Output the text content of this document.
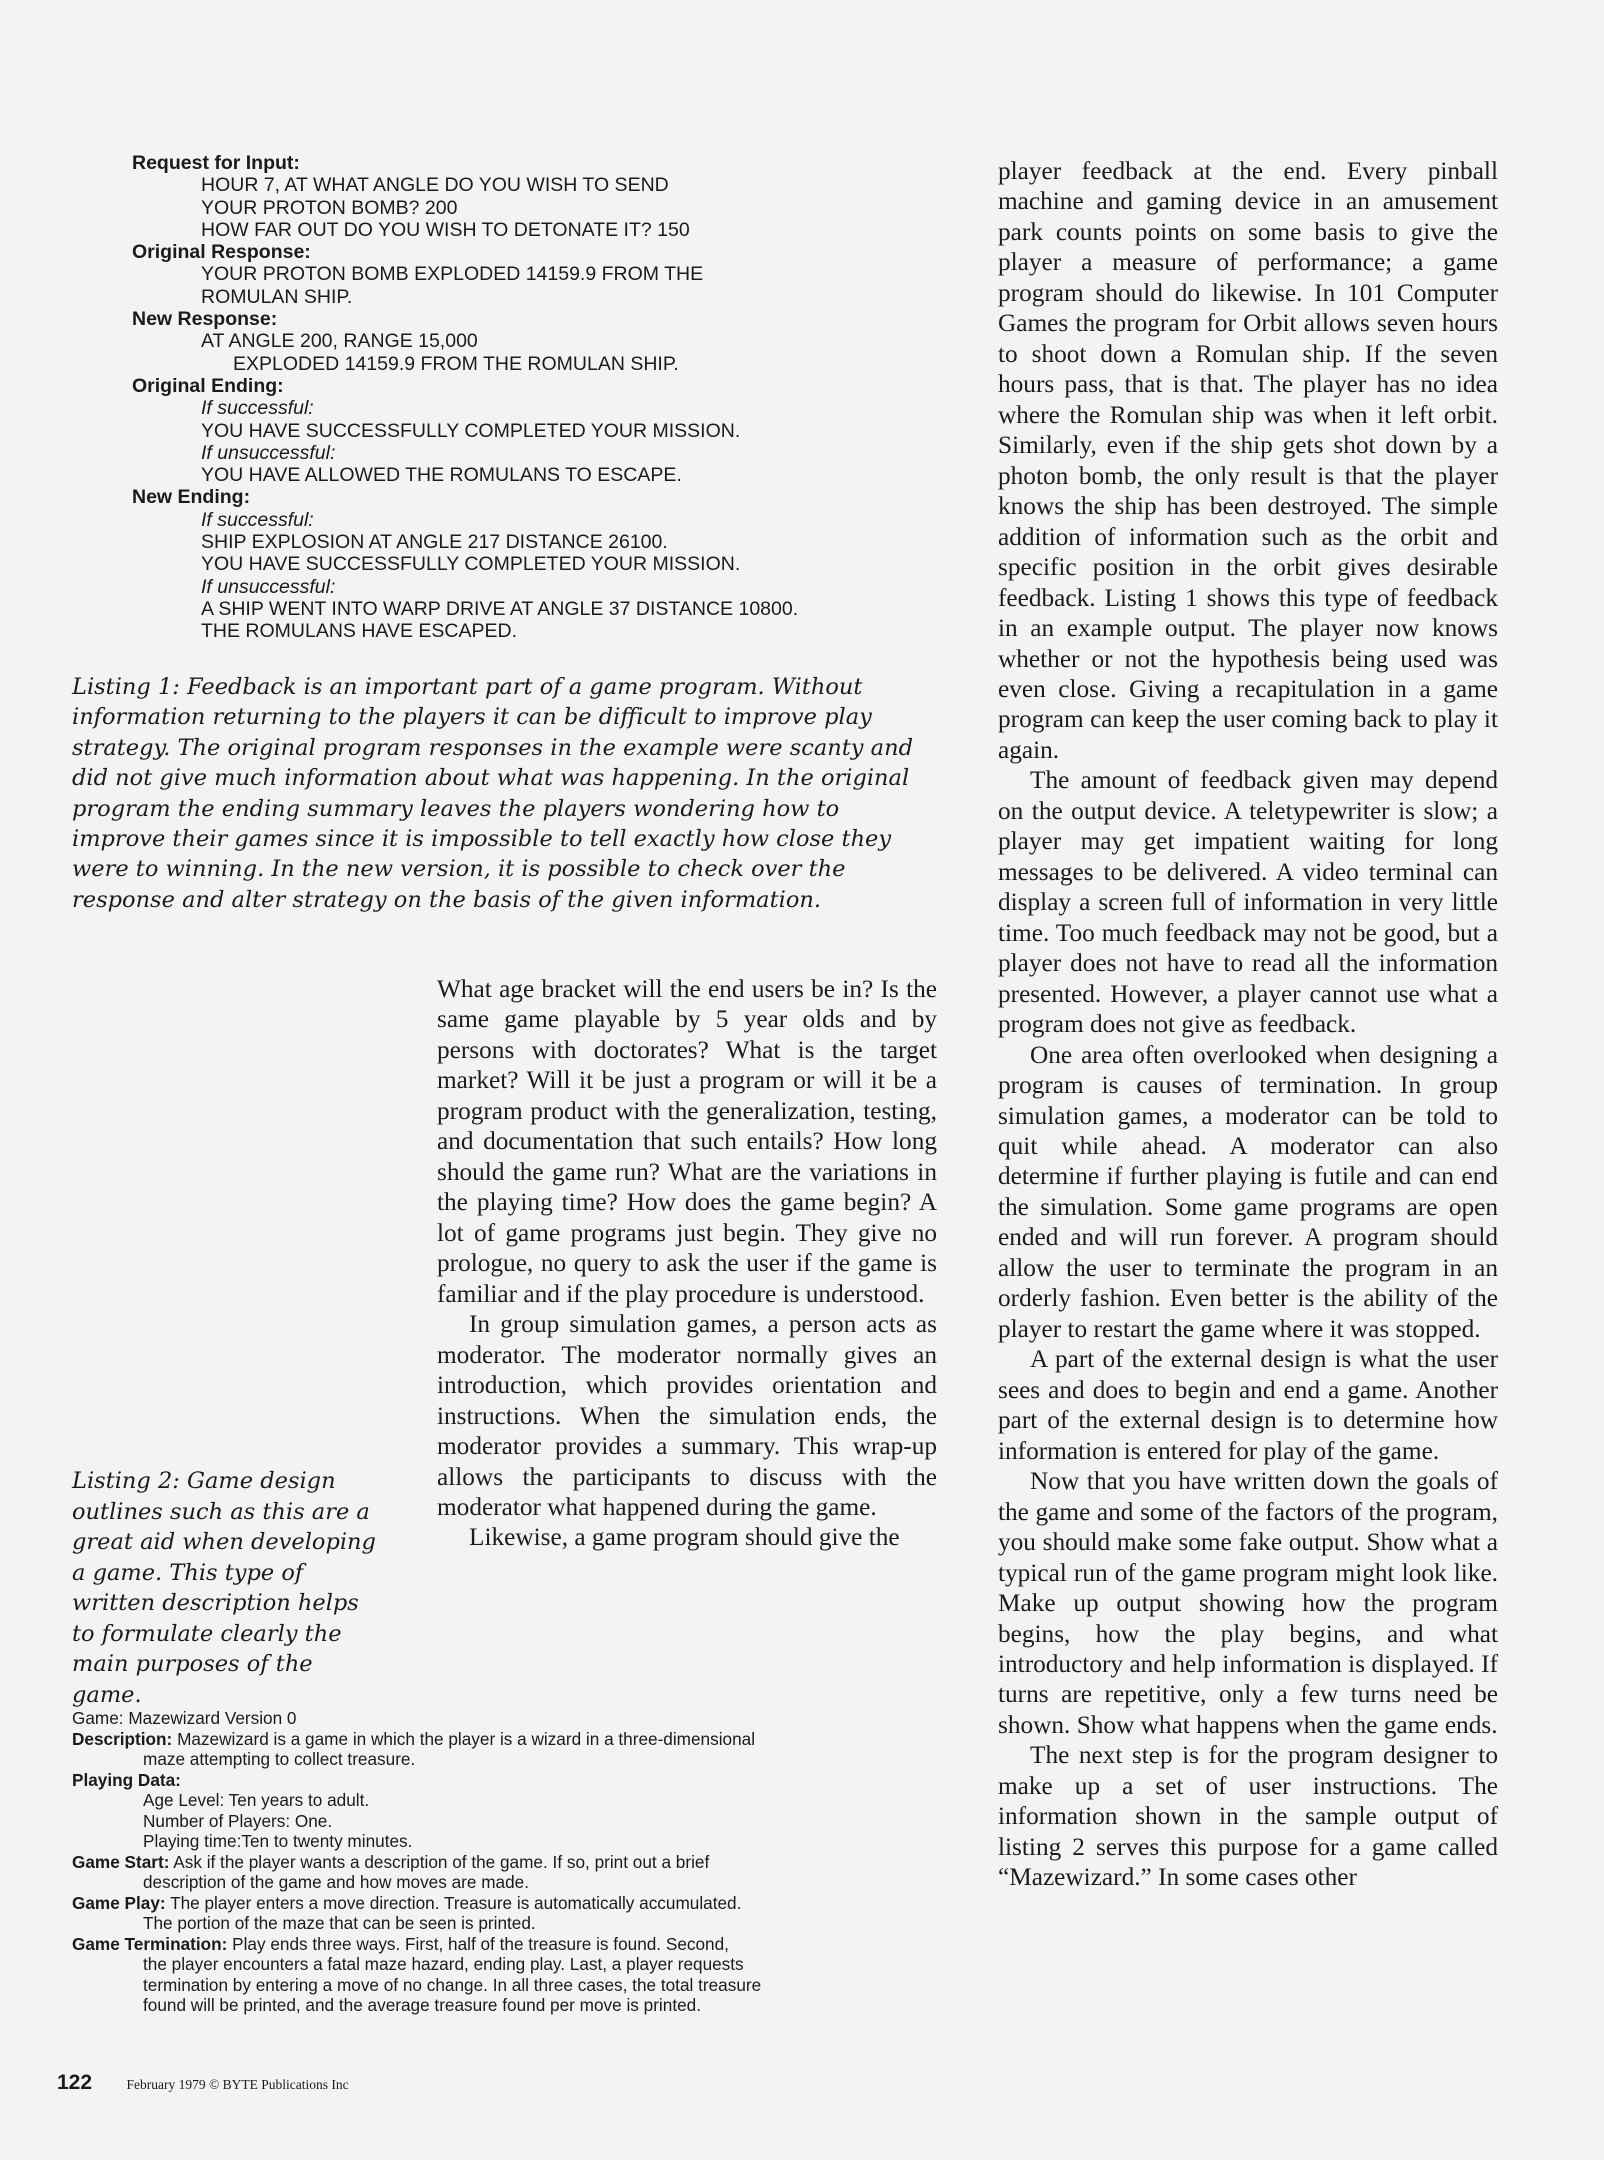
Request for Input:
HOUR 7, AT WHAT ANGLE DO YOU WISH TO SEND
YOUR PROTON BOMB? 200
HOW FAR OUT DO YOU WISH TO DETONATE IT? 150
Original Response:
YOUR PROTON BOMB EXPLODED 14159.9 FROM THE
ROMULAN SHIP.
New Response:
AT ANGLE 200, RANGE 15,000
EXPLODED 14159.9 FROM THE ROMULAN SHIP.
Original Ending:
If successful:
YOU HAVE SUCCESSFULLY COMPLETED YOUR MISSION.
If unsuccessful:
YOU HAVE ALLOWED THE ROMULANS TO ESCAPE.
New Ending:
If successful:
SHIP EXPLOSION AT ANGLE 217 DISTANCE 26100.
YOU HAVE SUCCESSFULLY COMPLETED YOUR MISSION.
If unsuccessful:
A SHIP WENT INTO WARP DRIVE AT ANGLE 37 DISTANCE 10800.
THE ROMULANS HAVE ESCAPED.

Listing 1: Feedback is an important part of a game program. Without information returning to the players it can be difficult to improve play strategy. The original program responses in the example were scanty and did not give much information about what was happening. In the original program the ending summary leaves the players wondering how to improve their games since it is impossible to tell exactly how close they were to winning. In the new version, it is possible to check over the response and alter strategy on the basis of the given information.

Listing 2: Game design outlines such as this are a great aid when developing a game. This type of written description helps to formulate clearly the main purposes of the game.

What age bracket will the end users be in? Is the same game playable by 5 year olds and by persons with doctorates? What is the target market? Will it be just a program or will it be a program product with the generalization, testing, and documentation that such entails? How long should the game run? What are the variations in the playing time? How does the game begin? A lot of game programs just begin. They give no prologue, no query to ask the user if the game is familiar and if the play procedure is understood.

In group simulation games, a person acts as moderator. The moderator normally gives an introduction, which provides orientation and instructions. When the simulation ends, the moderator provides a summary. This wrap-up allows the participants to discuss with the moderator what happened during the game.

Likewise, a game program should give the

player feedback at the end. Every pinball machine and gaming device in an amusement park counts points on some basis to give the player a measure of performance; a game program should do likewise. In 101 Computer Games the program for Orbit allows seven hours to shoot down a Romulan ship. If the seven hours pass, that is that. The player has no idea where the Romulan ship was when it left orbit. Similarly, even if the ship gets shot down by a photon bomb, the only result is that the player knows the ship has been destroyed. The simple addition of information such as the orbit and specific position in the orbit gives desirable feedback. Listing 1 shows this type of feedback in an example output. The player now knows whether or not the hypothesis being used was even close. Giving a recapitulation in a game program can keep the user coming back to play it again.

The amount of feedback given may depend on the output device. A teletypewriter is slow; a player may get impatient waiting for long messages to be delivered. A video terminal can display a screen full of information in very little time. Too much feedback may not be good, but a player does not have to read all the information presented. However, a player cannot use what a program does not give as feedback.

One area often overlooked when designing a program is causes of termination. In group simulation games, a moderator can be told to quit while ahead. A moderator can also determine if further playing is futile and can end the simulation. Some game programs are open ended and will run forever. A program should allow the user to terminate the program in an orderly fashion. Even better is the ability of the player to restart the game where it was stopped.

A part of the external design is what the user sees and does to begin and end a game. Another part of the external design is to determine how information is entered for play of the game.

Now that you have written down the goals of the game and some of the factors of the program, you should make some fake output. Show what a typical run of the game program might look like. Make up output showing how the program begins, how the play begins, and what introductory and help information is displayed. If turns are repetitive, only a few turns need be shown. Show what happens when the game ends.

The next step is for the program designer to make up a set of user instructions. The information shown in the sample output of listing 2 serves this purpose for a game called “Mazewizard.” In some cases other

Game: Mazewizard Version 0
Description: Mazewizard is a game in which the player is a wizard in a three-dimensional
maze attempting to collect treasure.
Playing Data:
Age Level: Ten years to adult.
Number of Players: One.
Playing time:Ten to twenty minutes.
Game Start: Ask if the player wants a description of the game. If so, print out a brief
description of the game and how moves are made.
Game Play: The player enters a move direction. Treasure is automatically accumulated.
The portion of the maze that can be seen is printed.
Game Termination: Play ends three ways. First, half of the treasure is found. Second,
the player encounters a fatal maze hazard, ending play. Last, a player requests
termination by entering a move of no change. In all three cases, the total treasure
found will be printed, and the average treasure found per move is printed.
122	February 1979 © BYTE Publications Inc
